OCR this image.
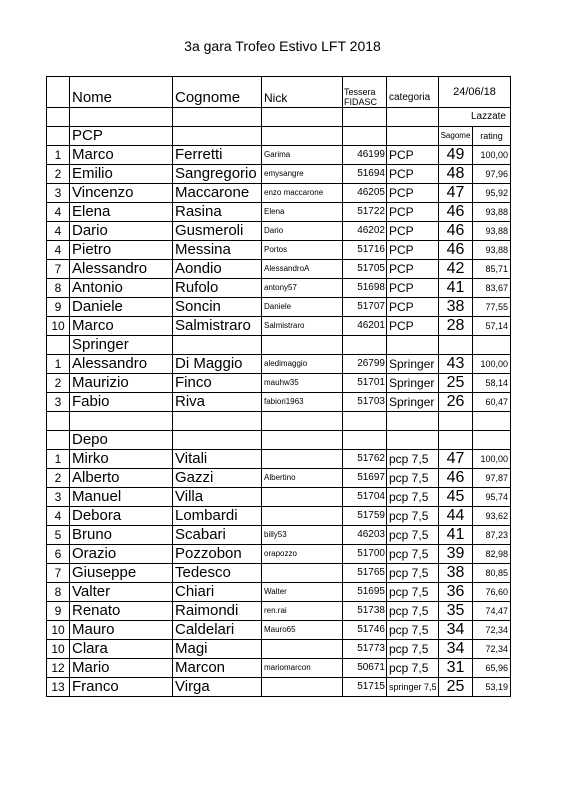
3a gara Trofeo Estivo LFT 2018
	Nome	Cognome	Nick	Tessera FIDASC	categoria	24/06/18	
						Lazzate	
	PCP					Sagome	rating
1	Marco	Ferretti	Garima	46199	PCP	49	100,00
2	Emilio	Sangregorio	emysangre	51694	PCP	48	97,96
3	Vincenzo	Maccarone	enzo maccarone	46205	PCP	47	95,92
4	Elena	Rasina	Elena	51722	PCP	46	93,88
4	Dario	Gusmeroli	Dario	46202	PCP	46	93,88
4	Pietro	Messina	Portos	51716	PCP	46	93,88
7	Alessandro	Aondio	AlessandroA	51705	PCP	42	85,71
8	Antonio	Rufolo	antony57	51698	PCP	41	83,67
9	Daniele	Soncin	Daniele	51707	PCP	38	77,55
10	Marco	Salmistraro	Salmistraro	46201	PCP	28	57,14
	Springer						
1	Alessandro	Di Maggio	aledimaggio	26799	Springer	43	100,00
2	Maurizio	Finco	mauhw35	51701	Springer	25	58,14
3	Fabio	Riva	fabiori1963	51703	Springer	26	60,47

	Depo						
1	Mirko	Vitali		51762	pcp 7,5	47	100,00
2	Alberto	Gazzi	Albertino	51697	pcp 7,5	46	97,87
3	Manuel	Villa		51704	pcp 7,5	45	95,74
4	Debora	Lombardi		51759	pcp 7,5	44	93,62
5	Bruno	Scabari	billy53	46203	pcp 7,5	41	87,23
6	Orazio	Pozzobon	orapozzo	51700	pcp 7,5	39	82,98
7	Giuseppe	Tedesco		51765	pcp 7,5	38	80,85
8	Valter	Chiari	Walter	51695	pcp 7,5	36	76,60
9	Renato	Raimondi	ren.rai	51738	pcp 7,5	35	74,47
10	Mauro	Caldelari	Mauro65	51746	pcp 7,5	34	72,34
10	Clara	Magi		51773	pcp 7,5	34	72,34
12	Mario	Marcon	mariomarcon	50671	pcp 7,5	31	65,96
13	Franco	Virga		51715	springer 7,5	25	53,19
